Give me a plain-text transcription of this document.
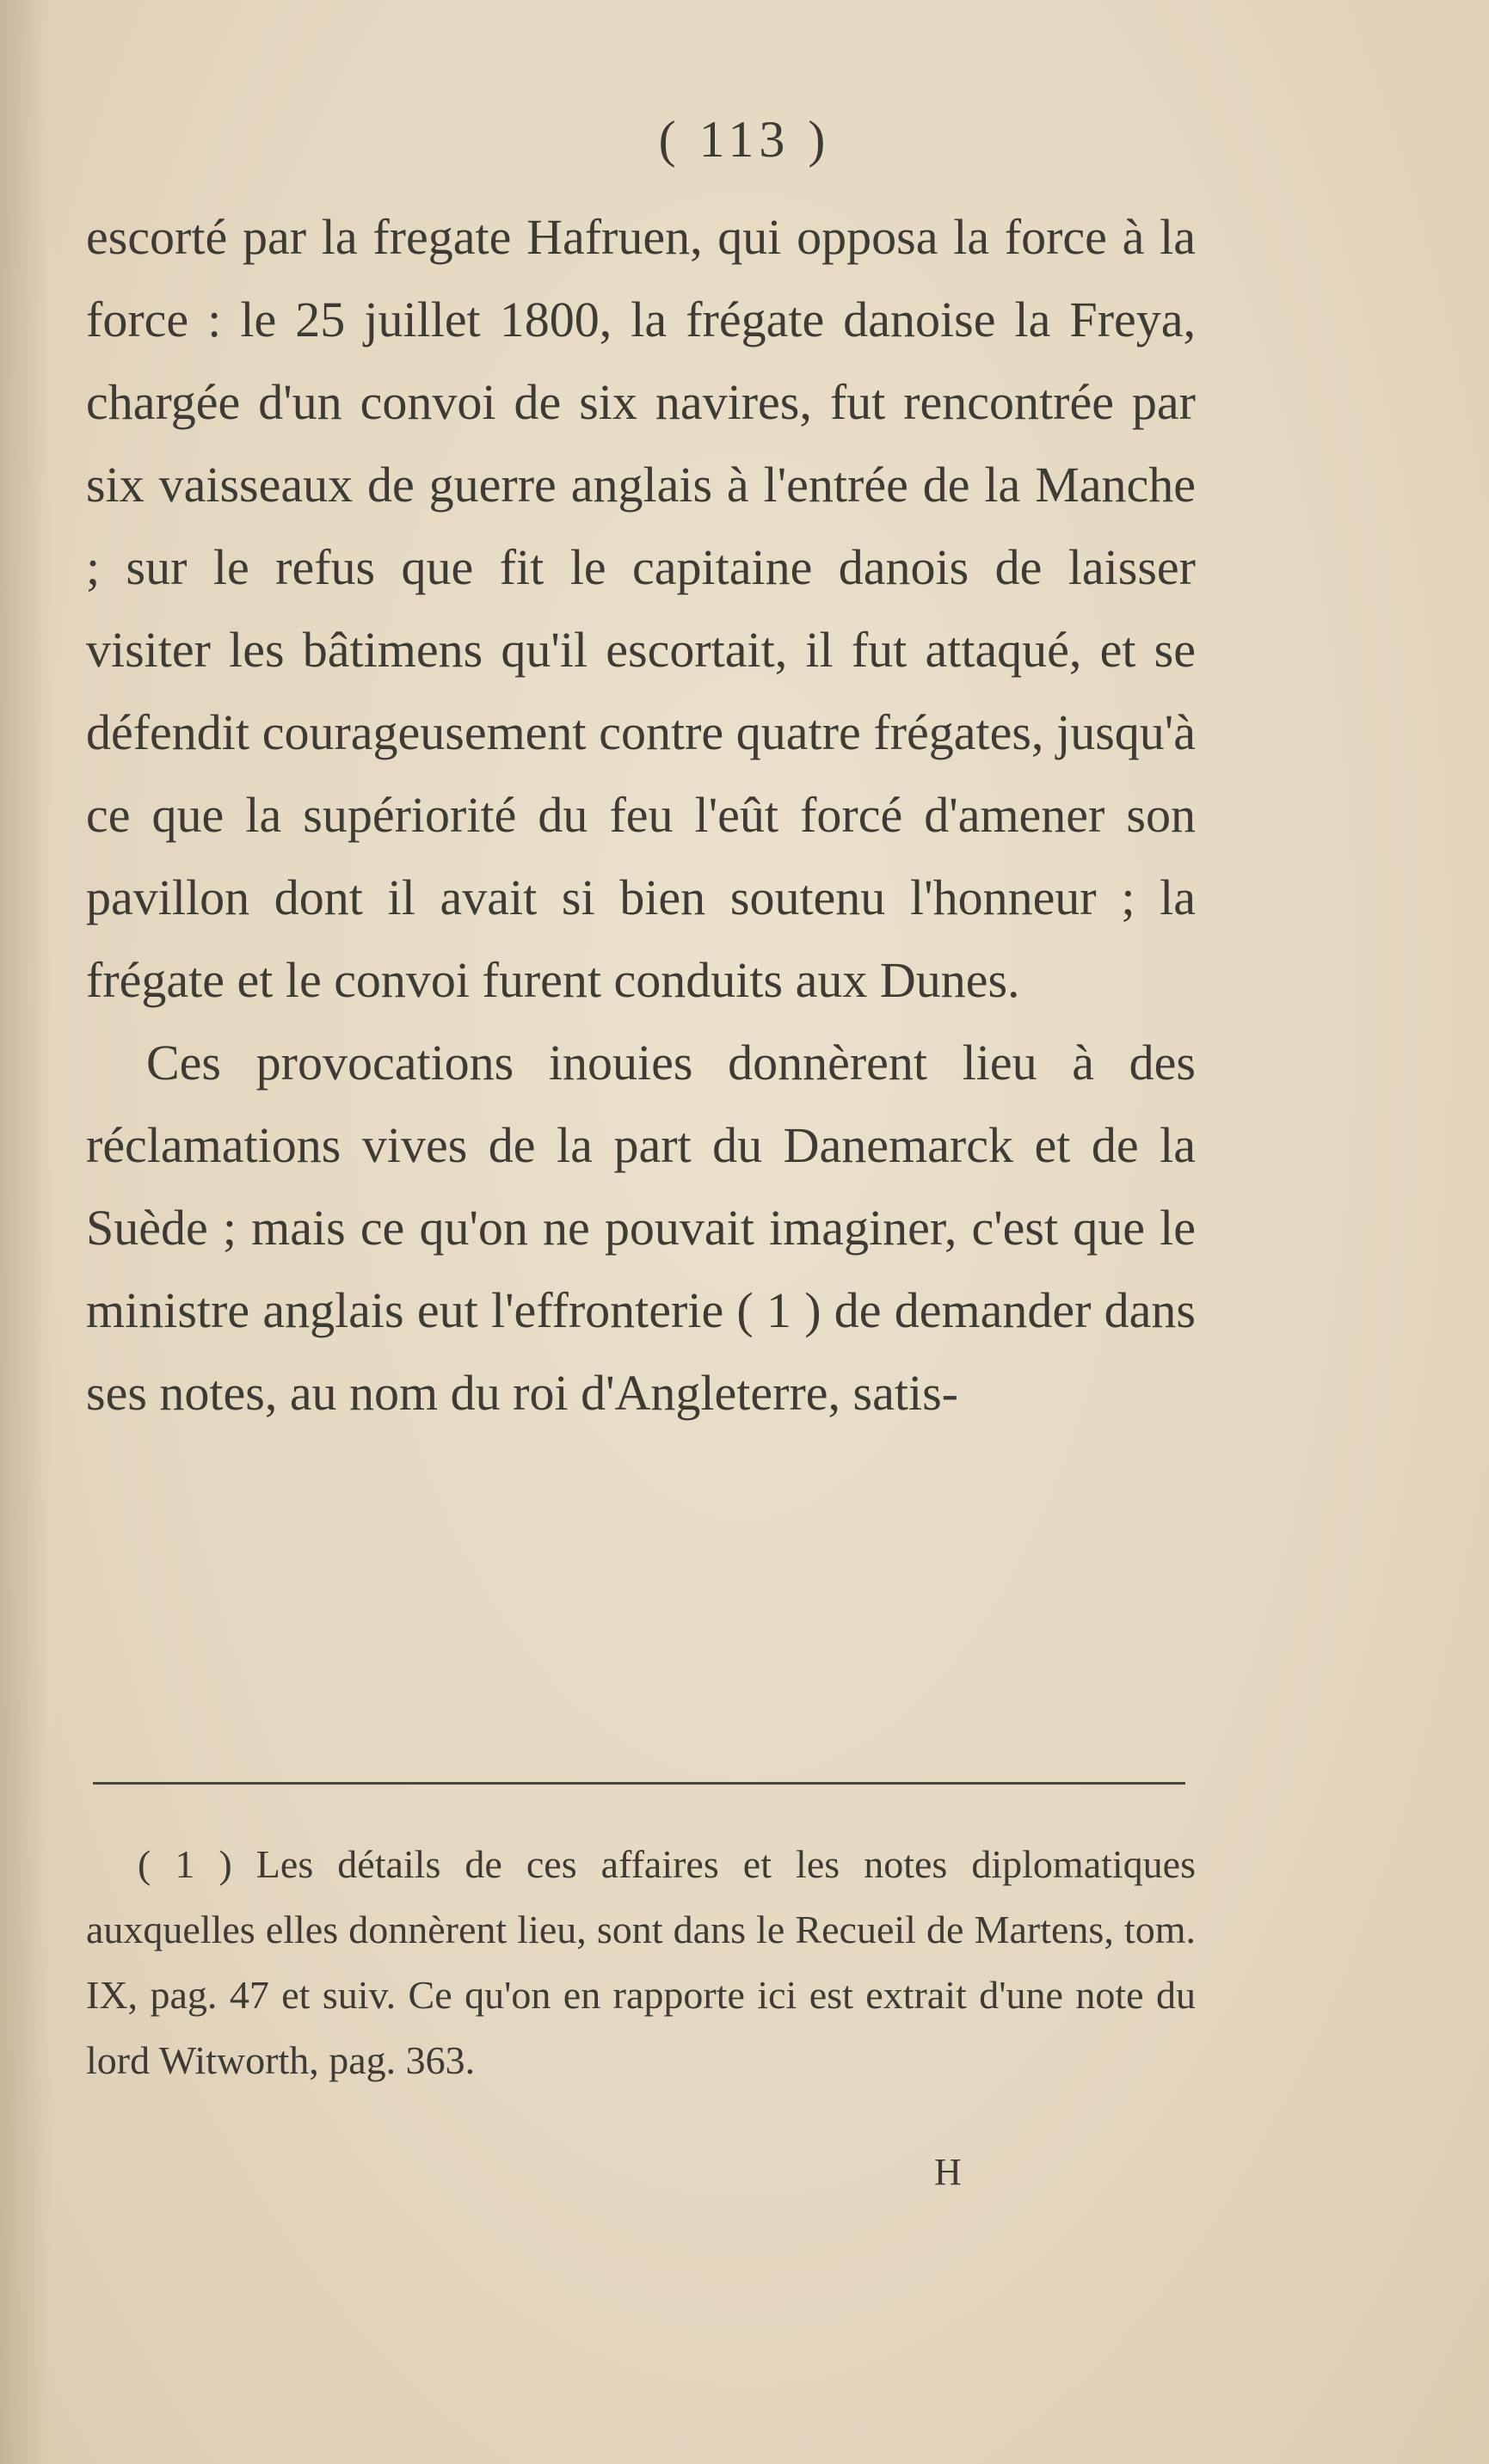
( 113 )

escorté par la fregate Hafruen, qui opposa la force à la force : le 25 juillet 1800, la frégate danoise la Freya, chargée d'un convoi de six navires, fut rencontrée par six vaisseaux de guerre anglais à l'entrée de la Manche ; sur le refus que fit le capitaine danois de laisser visiter les bâtimens qu'il escortait, il fut attaqué, et se défendit courageusement contre quatre frégates, jusqu'à ce que la supériorité du feu l'eût forcé d'amener son pavillon dont il avait si bien soutenu l'honneur ; la frégate et le convoi furent conduits aux Dunes.

Ces provocations inouies donnèrent lieu à des réclamations vives de la part du Danemarck et de la Suède ; mais ce qu'on ne pouvait imaginer, c'est que le ministre anglais eut l'effronterie ( 1 ) de demander dans ses notes, au nom du roi d'Angleterre, satis-

( 1 ) Les détails de ces affaires et les notes diplomatiques auxquelles elles donnèrent lieu, sont dans le Recueil de Martens, tom. IX, pag. 47 et suiv. Ce qu'on en rapporte ici est extrait d'une note du lord Witworth, pag. 363.

H
